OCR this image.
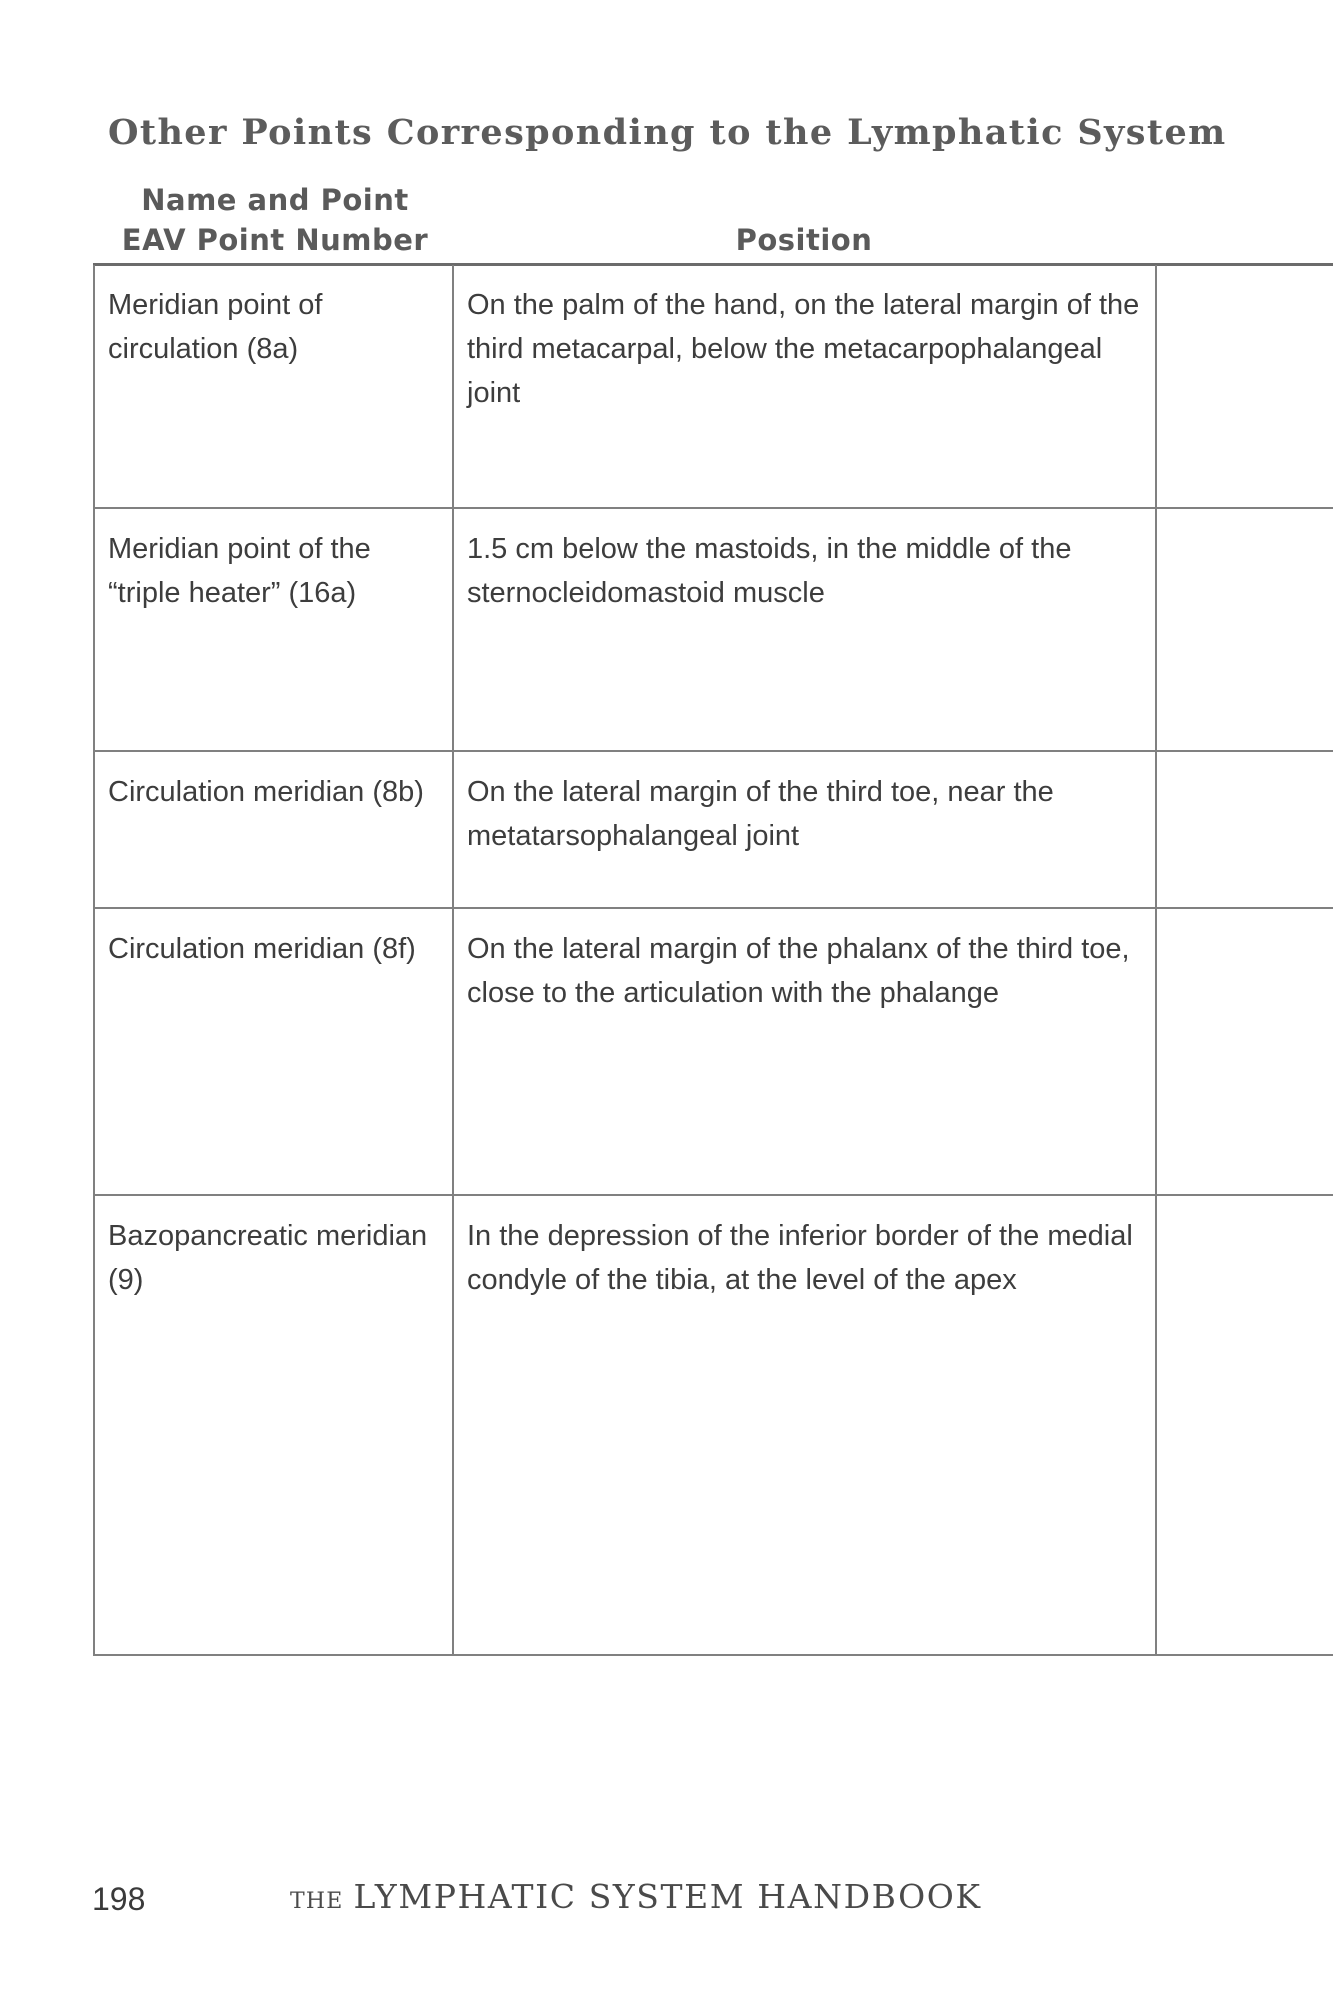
Other Points Corresponding to the Lymphatic System
Name and Point
EAV Point Number	Position
Meridian point of circulation (8a)	On the palm of the hand, on the lateral margin of the third metacarpal, below the metacarpophalangeal joint	
Meridian point of the “triple heater” (16a)	1.5 cm below the mastoids, in the middle of the sternocleidomastoid muscle	
Circulation meridian (8b)	On the lateral margin of the third toe, near the metatarsophalangeal joint	
Circulation meridian (8f)	On the lateral margin of the phalanx of the third toe, close to the articulation with the phalange	
Bazopancreatic meridian (9)	In the depression of the inferior border of the medial condyle of the tibia, at the level of the apex	
198	THE LYMPHATIC SYSTEM HANDBOOK
